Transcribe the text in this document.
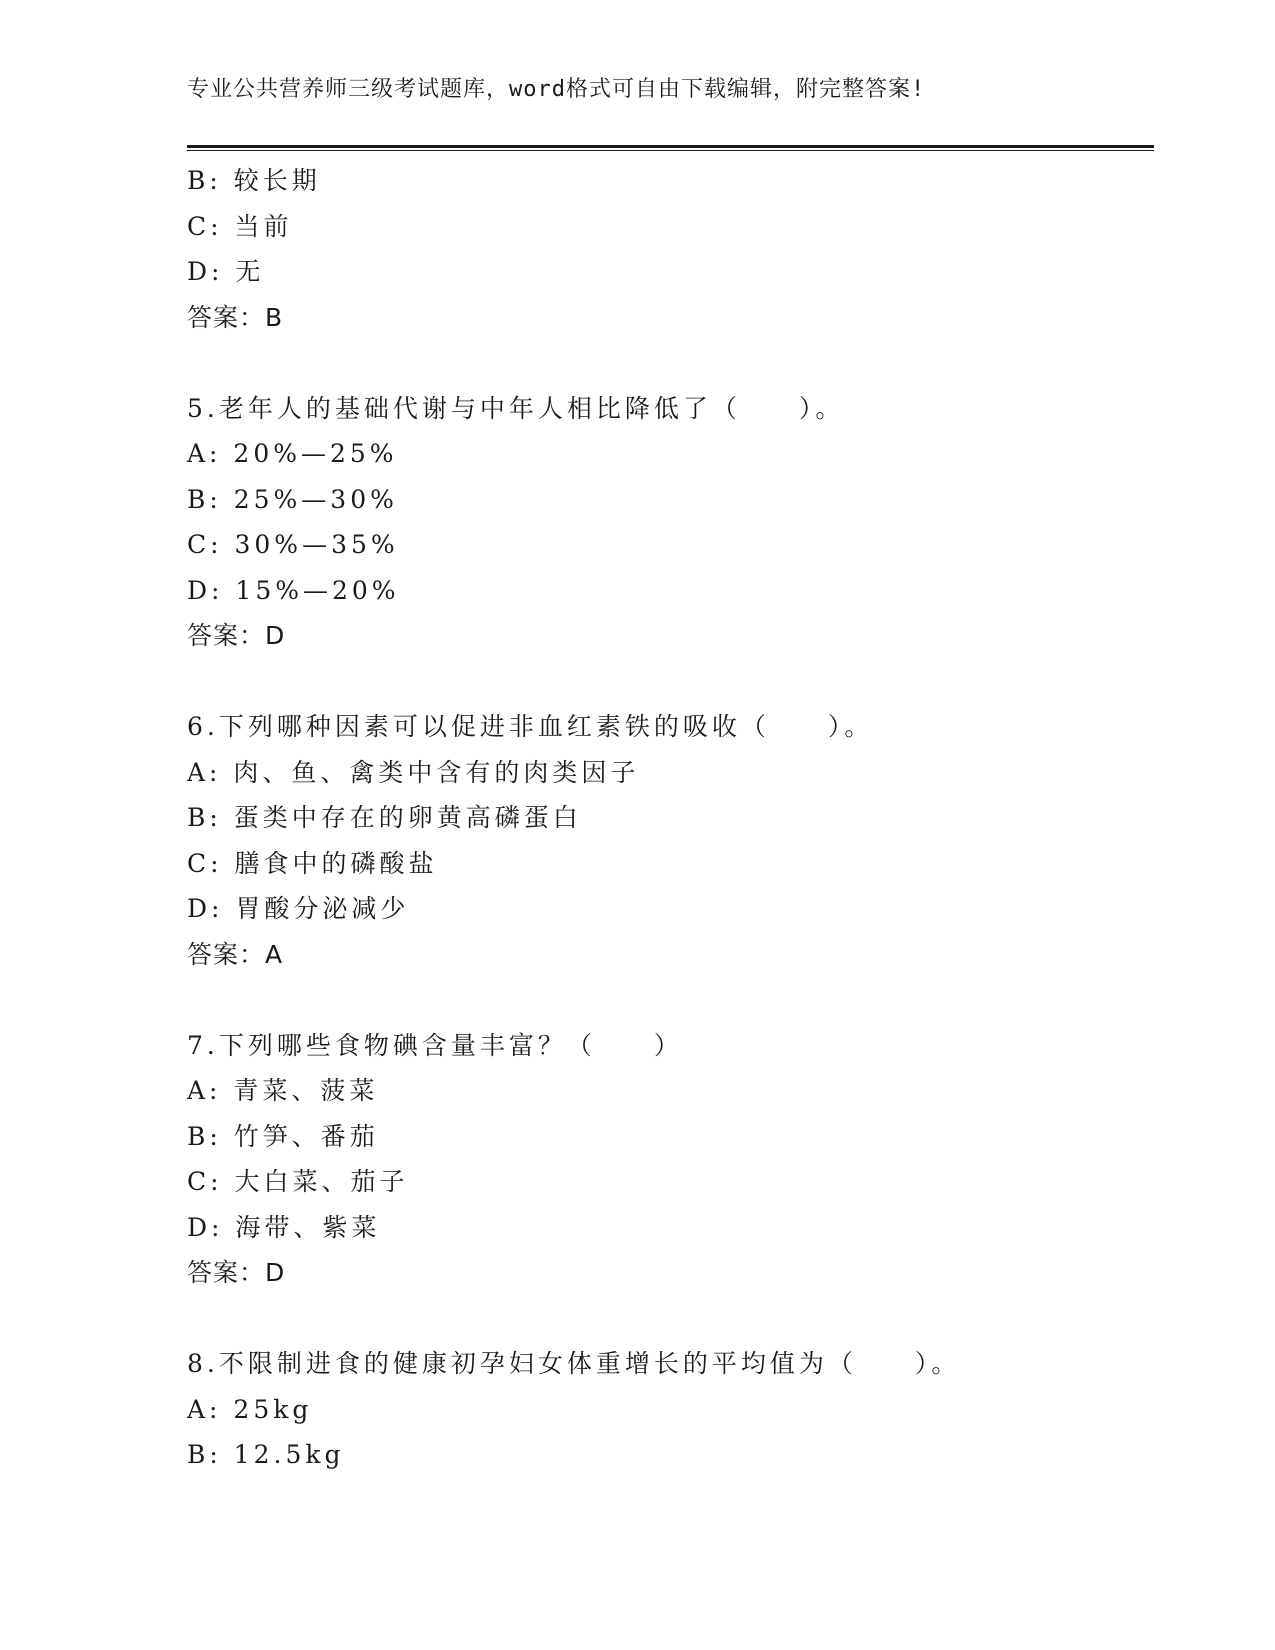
专业公共营养师三级考试题库，word格式可自由下载编辑，附完整答案!
B: 较长期
C: 当前
D: 无
答案：B
5.老年人的基础代谢与中年人相比降低了（　　）。
A: 20%—25%
B: 25%—30%
C: 30%—35%
D: 15%—20%
答案：D
6.下列哪种因素可以促进非血红素铁的吸收（　　）。
A: 肉、鱼、禽类中含有的肉类因子
B: 蛋类中存在的卵黄高磷蛋白
C: 膳食中的磷酸盐
D: 胃酸分泌减少
答案：A
7.下列哪些食物碘含量丰富？（　　）
A: 青菜、菠菜
B: 竹笋、番茄
C: 大白菜、茄子
D: 海带、紫菜
答案：D
8.不限制进食的健康初孕妇女体重增长的平均值为（　　）。
A: 25kg
B: 12.5kg
